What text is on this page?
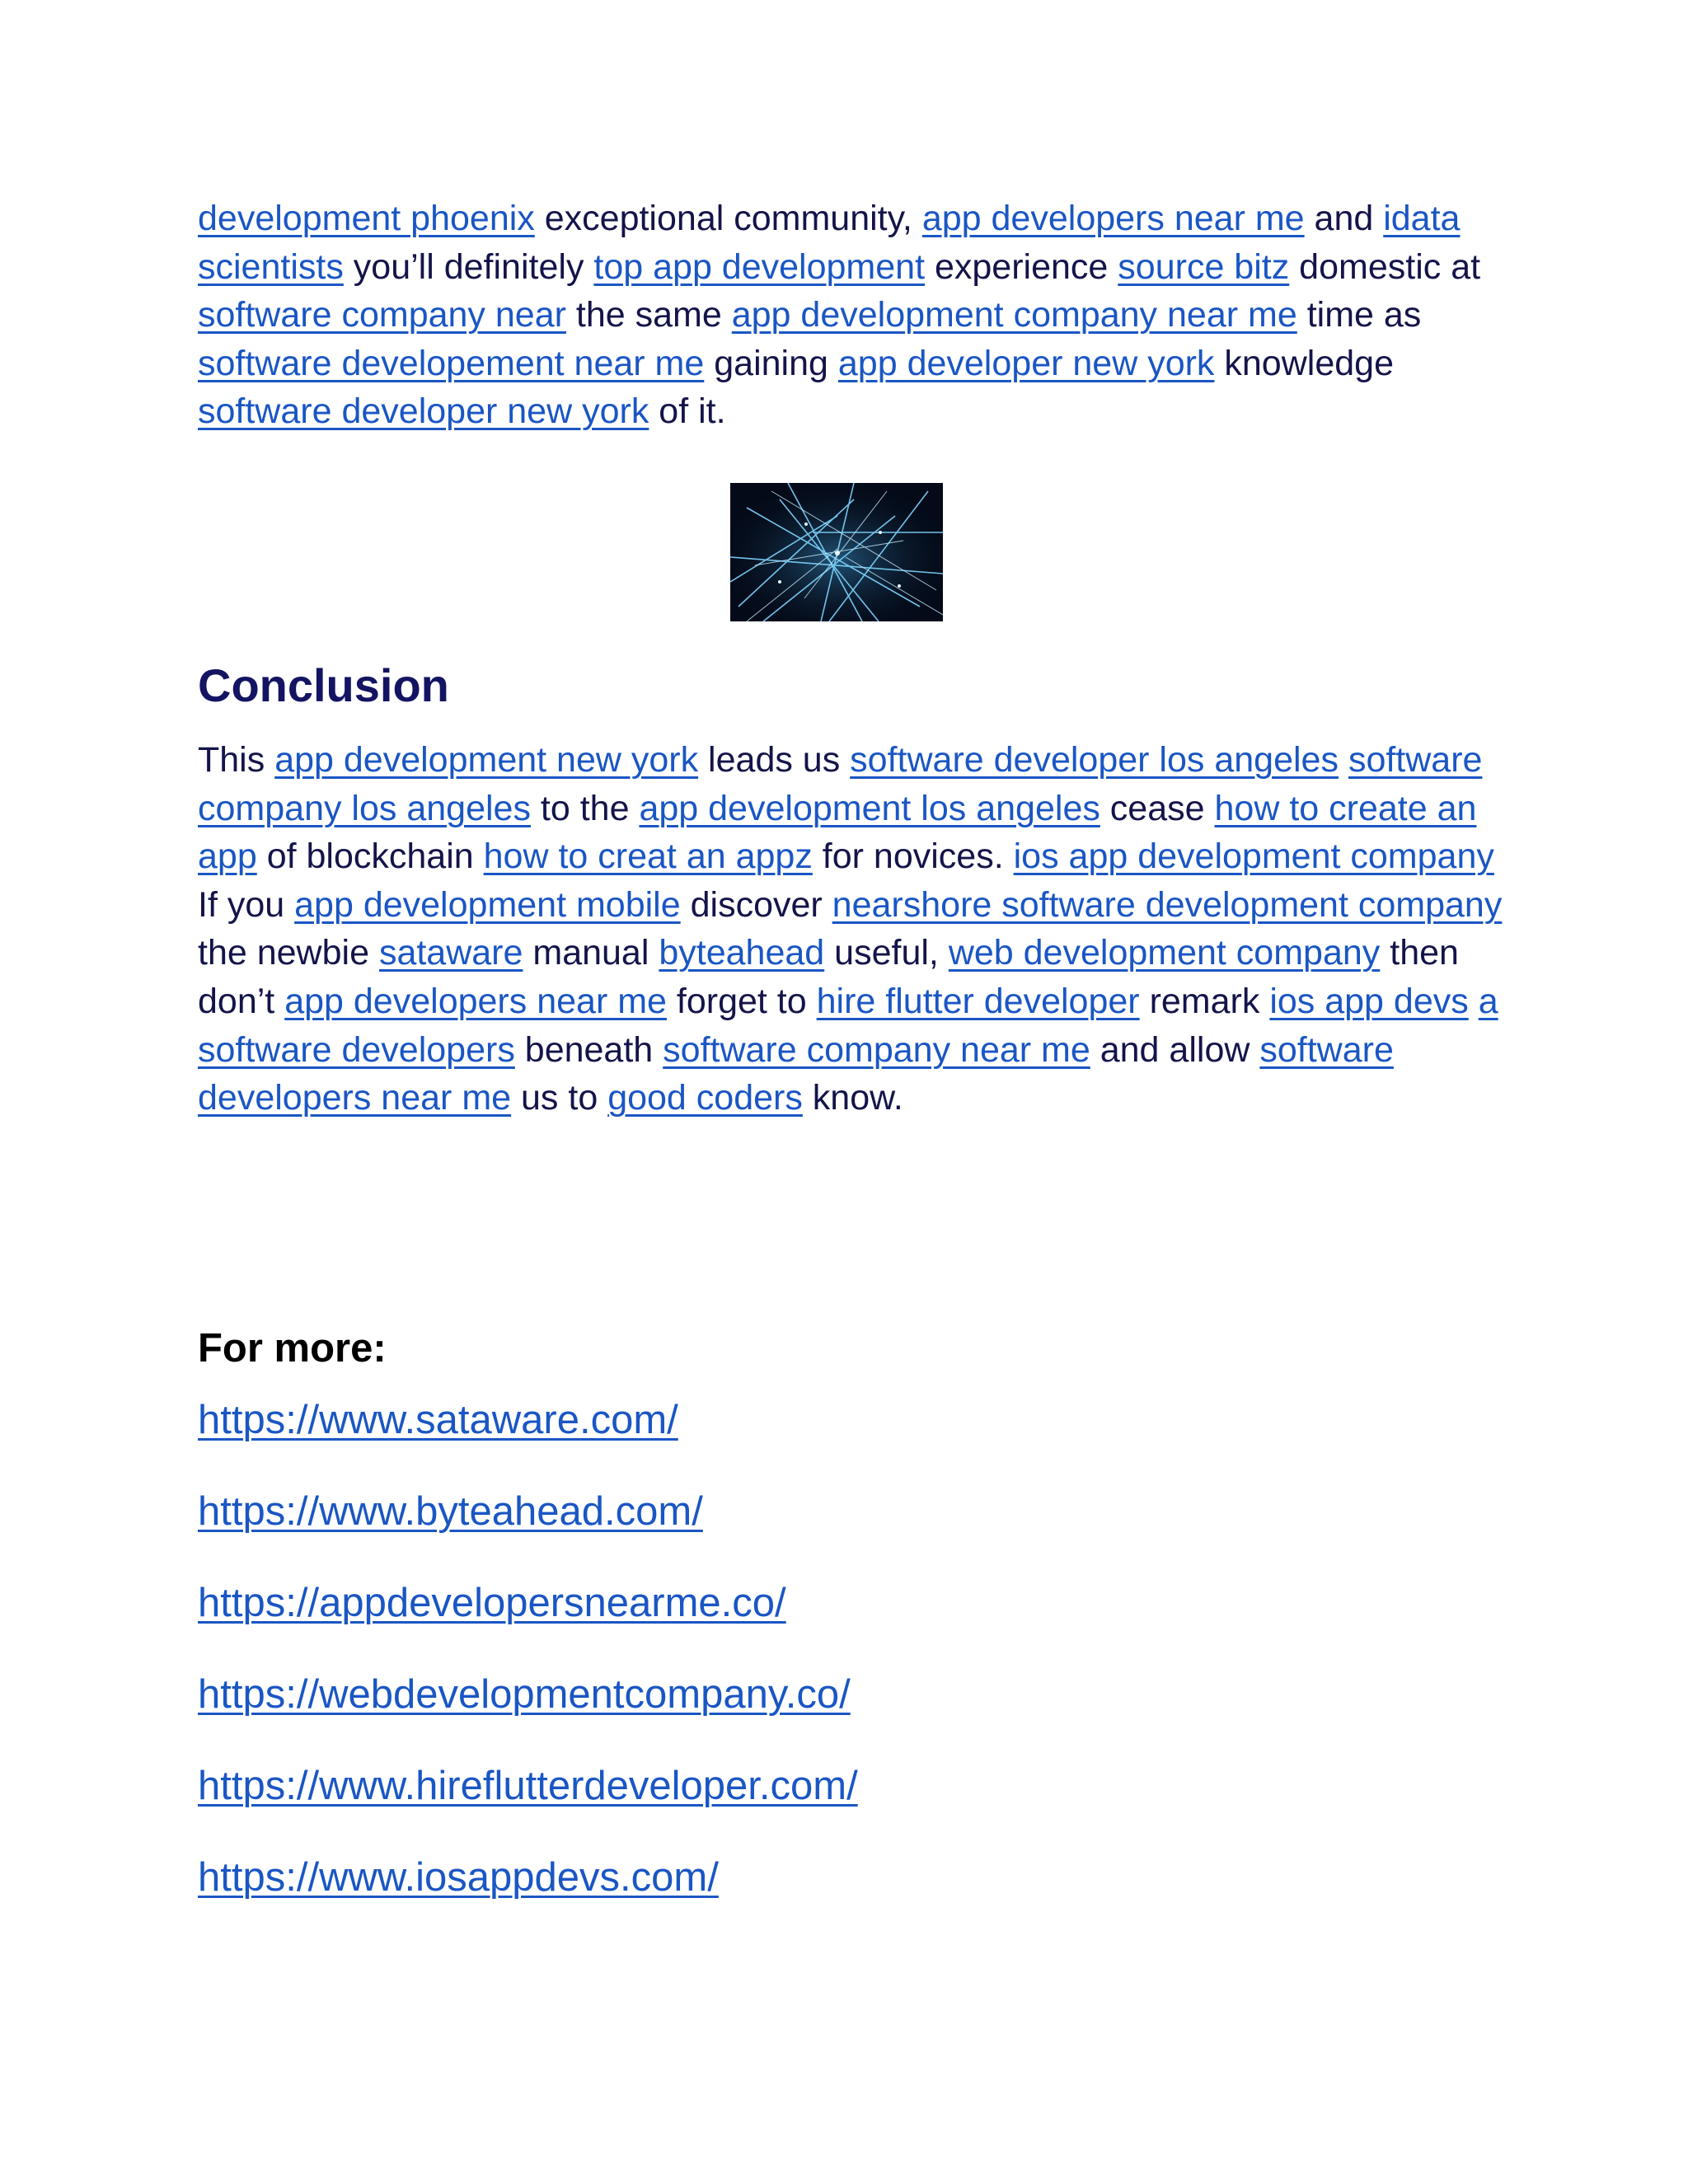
development phoenix exceptional community, app developers near me and idata scientists you’ll definitely top app development experience source bitz domestic at software company near the same app development company near me time as software developement near me gaining app developer new york knowledge software developer new york of it.

Conclusion

This app development new york leads us software developer los angeles software company los angeles to the app development los angeles cease how to create an app of blockchain how to creat an appz for novices. ios app development company If you app development mobile discover nearshore software development company the newbie sataware manual byteahead useful, web development company then don’t app developers near me forget to hire flutter developer remark ios app devs a software developers beneath software company near me and allow software developers near me us to good coders know.

For more:
https://www.sataware.com/
https://www.byteahead.com/
https://appdevelopersnearme.co/
https://webdevelopmentcompany.co/
https://www.hireflutterdeveloper.com/
https://www.iosappdevs.com/
